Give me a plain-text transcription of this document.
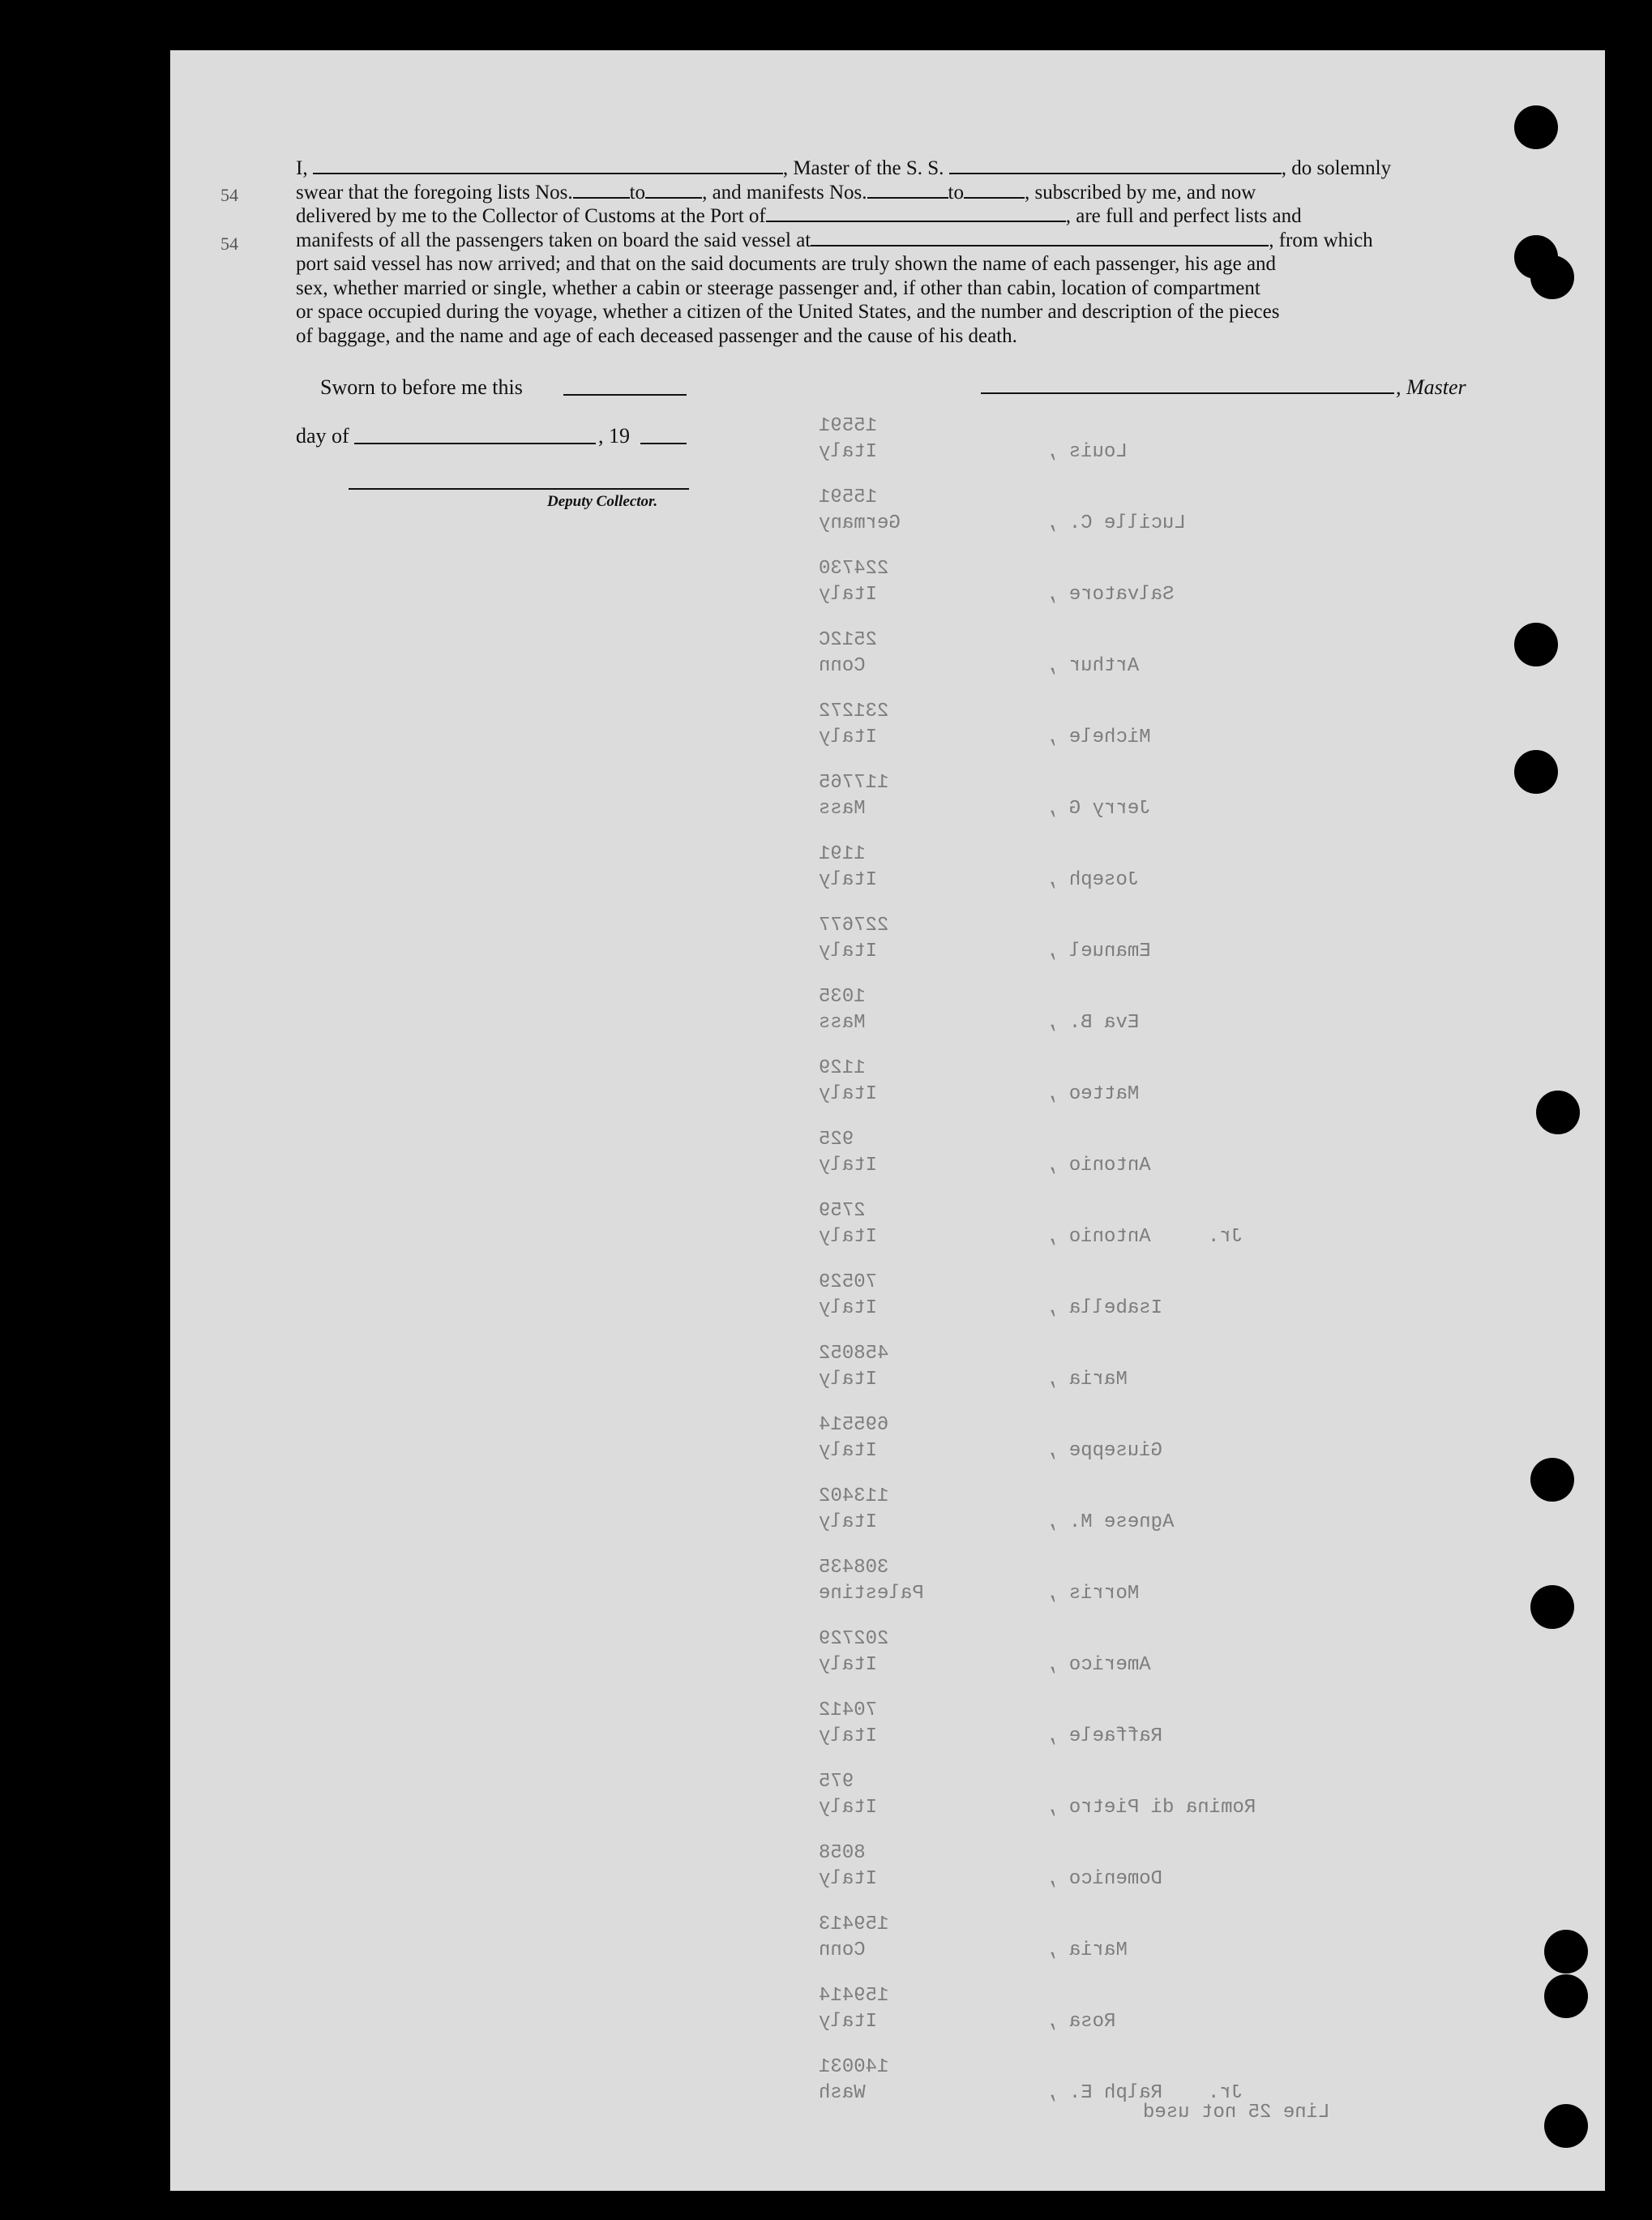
54
54
I,	, Master of the S. S.	, do solemnly
swear that the foregoing lists Nos.	to	, and manifests Nos.	to	, subscribed by me, and now
delivered by me to the Collector of Customs at the Port of	, are full and perfect lists and
manifests of all the passengers taken on board the said vessel at	, from which
port said vessel has now arrived; and that on the said documents are truly shown the name of each passenger, his age and
sex, whether married or single, whether a cabin or steerage passenger and, if other than cabin, location of compartment
or space occupied during the voyage, whether a citizen of the United States, and the number and description of the pieces
of baggage, and the name and age of each deceased passenger and the cause of his death.
Sworn to before me this
day of	, 19
Deputy Collector.
, Master
15591
Italy	Louis ,
15591
Germany	Lucille C. ,
224730
Italy	Salvatore ,
2512C
Conn	Arthur ,
231272
Italy	Michele ,
117765
Mass	Jerry G ,
1191
Italy	Joseph ,
227677
Italy	Emanuel ,
1035
Mass	Eva B. ,
1129
Italy	Matteo ,
925
Italy	Antonio ,
2759
Italy	Antonio ,	Jr.
70529
Italy	Isabella ,
458052
Italy	Maria ,
695514
Italy	Giuseppe ,
113402
Italy	Agnese M. ,
308435
Palestine	Morris ,
202729
Italy	Americo ,
70412
Italy	Raffaele ,
975
Italy	Romina di Pietro ,
8058
Italy	Domenico ,
159413
Conn	Maria ,
159414
Italy	Rosa ,
140031
Wash	Ralph E. , Jr.
Line 25 not used
